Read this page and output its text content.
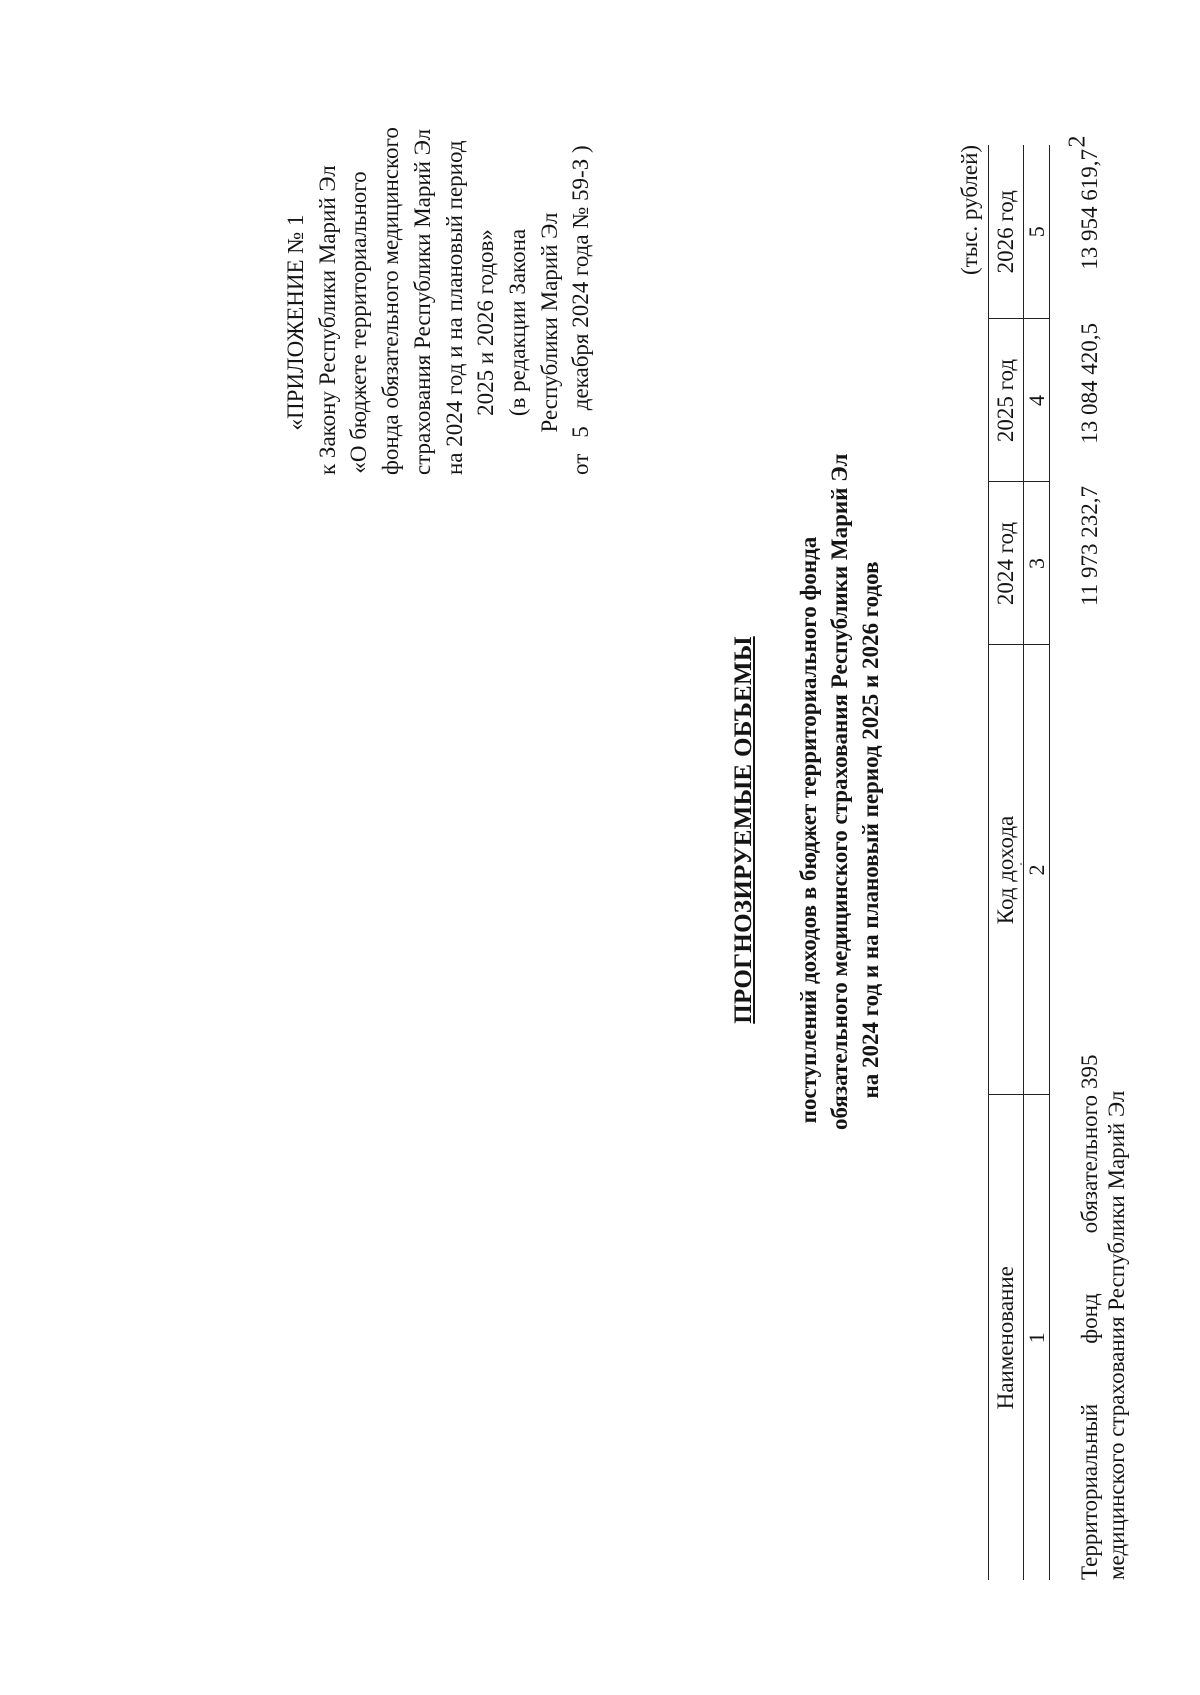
2
«ПРИЛОЖЕНИЕ № 1 к Закону Республики Марий Эл «О бюджете территориального фонда обязательного медицинского страхования Республики Марий Эл на 2024 год и на плановый период 2025 и 2026 годов» (в редакции Закона Республики Марий Эл
от5декабря 2024 года № 59-З )
ПРОГНОЗИРУЕМЫЕ ОБЪЕМЫ поступлений доходов в бюджет территориального фонда обязательного медицинского страхования Республики Марий Эл на 2024 год и на плановый период 2025 и 2026 годов
(тыс. рублей)
Наименование	Код дохода	2024 год	2025 год	2026 год
1	2	3	4	5

Территориальный
фонд
обязательного медицинского страхования Республики Марий Эл	395	11 973 232,7	13 084 420,5	13 954 619,7
